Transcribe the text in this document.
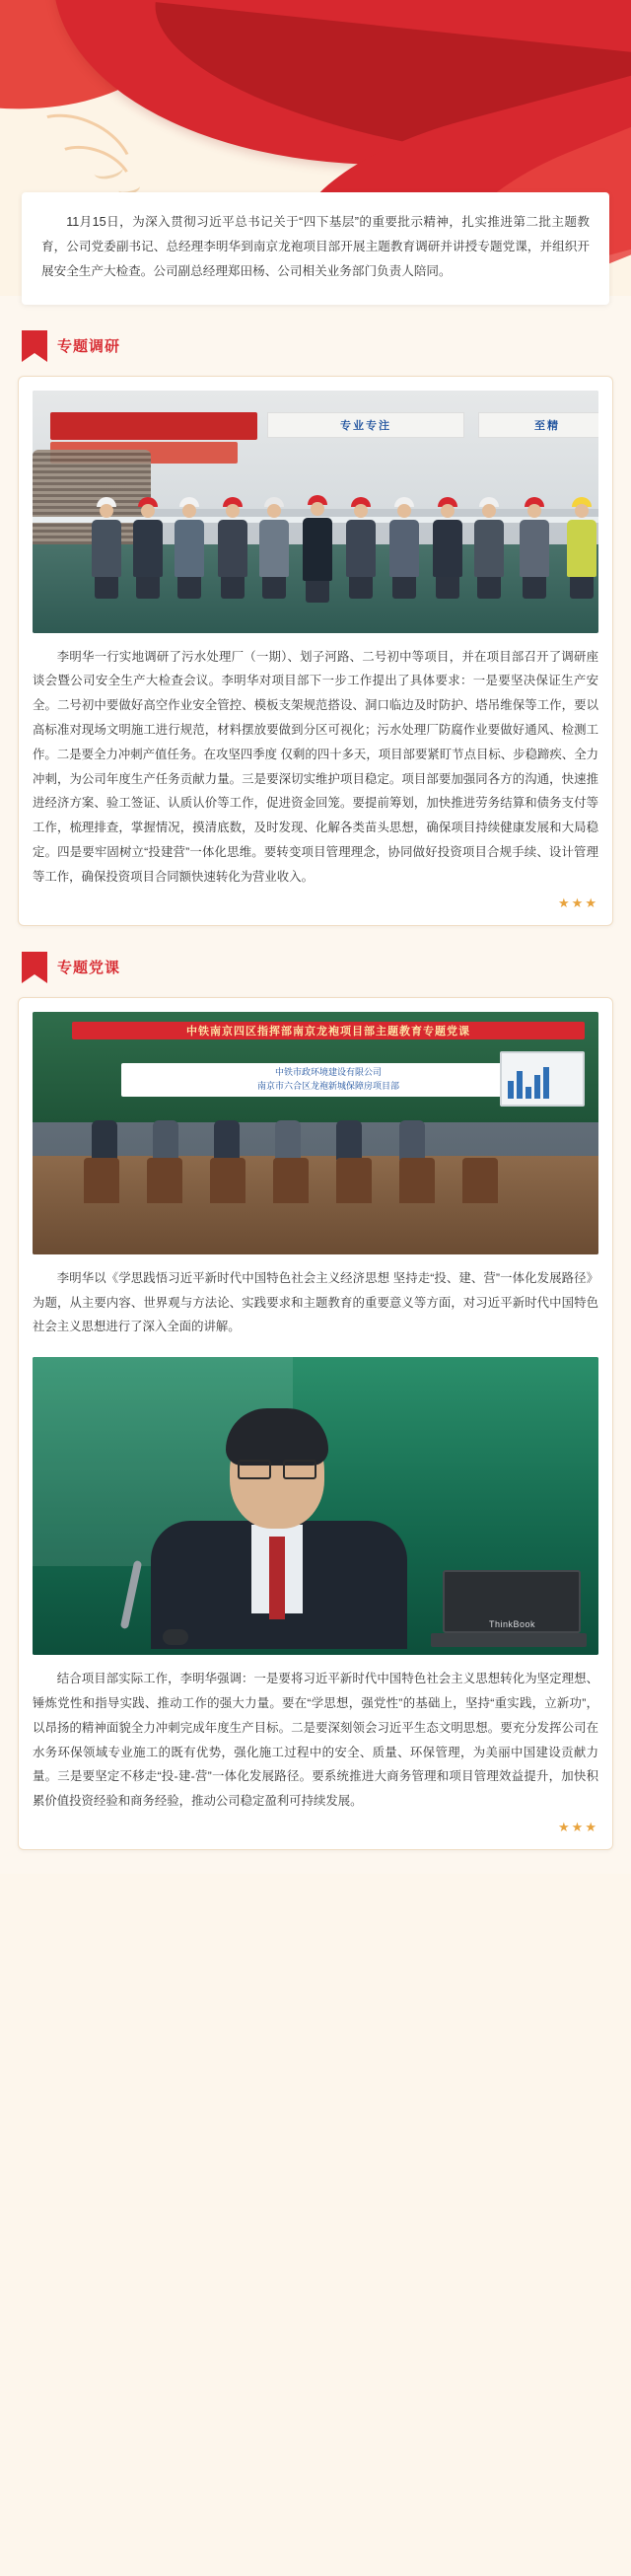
11月15日，为深入贯彻习近平总书记关于“四下基层”的重要批示精神，扎实推进第二批主题教育，公司党委副书记、总经理李明华到南京龙袍项目部开展主题教育调研并讲授专题党课，并组织开展安全生产大检查。公司副总经理郑田杨、公司相关业务部门负责人陪同。
专题调研
专业专注	至精
李明华一行实地调研了污水处理厂（一期）、划子河路、二号初中等项目，并在项目部召开了调研座谈会暨公司安全生产大检查会议。李明华对项目部下一步工作提出了具体要求：一是要坚决保证生产安全。二号初中要做好高空作业安全管控、模板支架规范搭设、洞口临边及时防护、塔吊维保等工作，要以高标准对现场文明施工进行规范，材料摆放要做到分区可视化；污水处理厂防腐作业要做好通风、检测工作。二是要全力冲刺产值任务。在攻坚四季度 仅剩的四十多天，项目部要紧盯节点目标、步稳蹄疾、全力冲刺，为公司年度生产任务贡献力量。三是要深切实维护项目稳定。项目部要加强同各方的沟通，快速推进经济方案、验工签证、认质认价等工作，促进资金回笼。要提前筹划，加快推进劳务结算和债务支付等工作，梳理排查，掌握情况，摸清底数，及时发现、化解各类苗头思想，确保项目持续健康发展和大局稳定。四是要牢固树立“投建营”一体化思维。要转变项目管理理念，协同做好投资项目合规手续、设计管理等工作，确保投资项目合同额快速转化为营业收入。
★★★
专题党课
中铁南京四区指挥部南京龙袍项目部主题教育专题党课
中铁市政环境建设有限公司
南京市六合区龙袍新城保障房项目部
李明华以《学思践悟习近平新时代中国特色社会主义经济思想 坚持走“投、建、营”一体化发展路径》为题，从主要内容、世界观与方法论、实践要求和主题教育的重要意义等方面，对习近平新时代中国特色社会主义思想进行了深入全面的讲解。
ThinkBook
结合项目部实际工作，李明华强调：一是要将习近平新时代中国特色社会主义思想转化为坚定理想、锤炼党性和指导实践、推动工作的强大力量。要在“学思想，强党性”的基础上，坚持“重实践，立新功”，以昂扬的精神面貌全力冲刺完成年度生产目标。二是要深刻领会习近平生态文明思想。要充分发挥公司在水务环保领域专业施工的既有优势，强化施工过程中的安全、质量、环保管理，为美丽中国建设贡献力量。三是要坚定不移走“投-建-营”一体化发展路径。要系统推进大商务管理和项目管理效益提升，加快积累价值投资经验和商务经验，推动公司稳定盈利可持续发展。
★★★
